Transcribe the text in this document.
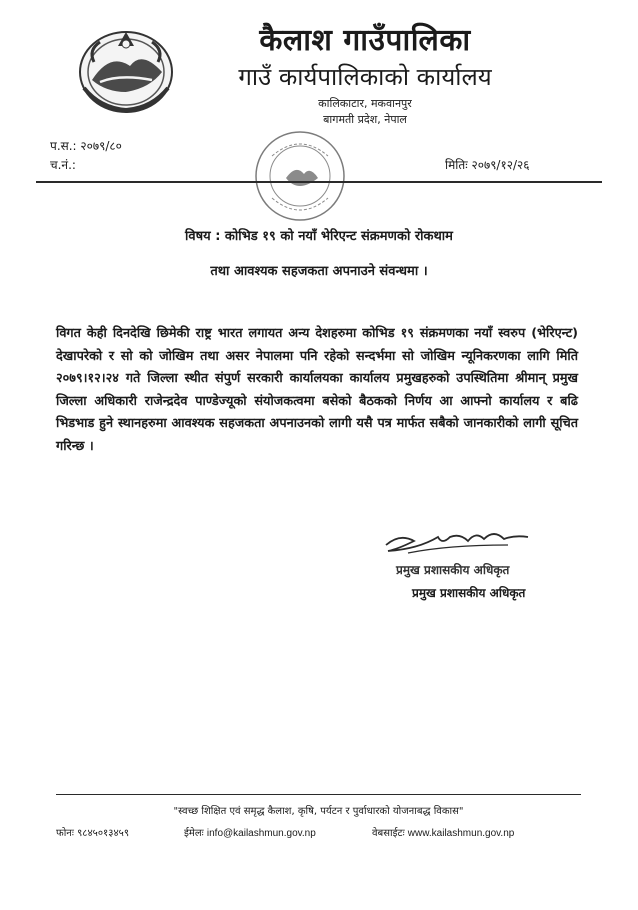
कैलाश गाउँपालिका
गाउँ कार्यपालिकाको कार्यालय
कालिकाटार, मकवानपुर
बागमती प्रदेश, नेपाल
प.स.: २०७९/८०
च.नं.:	मितिः २०७९/१२/२६
विषय : कोभिड १९ को नयाँ भेरिएन्ट संक्रमणको रोकथाम
तथा आवश्यक सहजकता अपनाउने संवन्धमा ।
विगत केही दिनदेखि छिमेकी राष्ट्र भारत लगायत अन्य देशहरुमा कोभिड १९ संक्रमणका नयाँ स्वरुप (भेरिएन्ट) देखापरेको र सो को जोखिम तथा असर नेपालमा पनि रहेको सन्दर्भमा सो जोखिम न्यूनिकरणका लागि मिति २०७९।१२।२४ गते जिल्ला स्थीत संपुर्ण सरकारी कार्यालयका कार्यालय प्रमुखहरुको उपस्थितिमा श्रीमान् प्रमुख जिल्ला अधिकारी राजेन्द्रदेव पाण्डेज्यूको संयोजकत्वमा बसेको बैठकको निर्णय आ आफ्नो कार्यालय र बढि भिडभाड हुने स्थानहरुमा आवश्यक सहजकता अपनाउनको लागी यसै पत्र मार्फत सबैको जानकारीको लागी सूचित गरिन्छ ।
प्रमुख प्रशासकीय अधिकृत
प्रमुख प्रशासकीय अधिकृत
"स्वच्छ शिक्षित एवं समृद्ध कैलाश, कृषि, पर्यटन र पुर्वाधारको योजनाबद्ध विकास"
फोनः ९८४५०१३४५९	ईमेलः info@kailashmun.gov.np	वेबसाईटः www.kailashmun.gov.np
